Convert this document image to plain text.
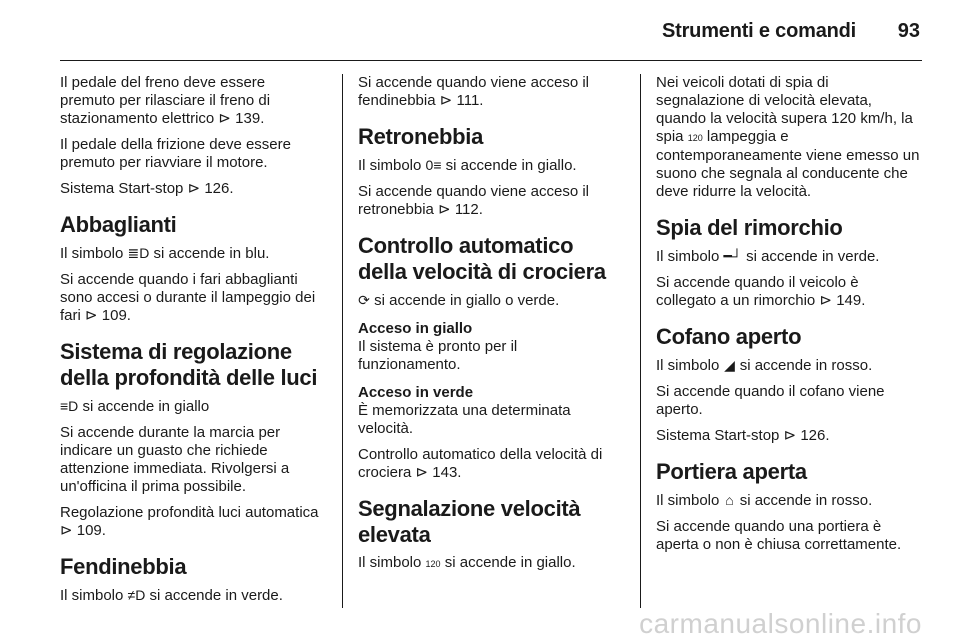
Strumenti e comandi 93

Il pedale del freno deve essere premuto per rilasciare il freno di stazionamento elettrico ⊳ 139.

Il pedale della frizione deve essere premuto per riavviare il motore.

Sistema Start-stop ⊳ 126.

Abbaglianti

Il simbolo ≣D si accende in blu.

Si accende quando i fari abbaglianti sono accesi o durante il lampeggio dei fari ⊳ 109.

Sistema di regolazione della profondità delle luci

≡D si accende in giallo

Si accende durante la marcia per indicare un guasto che richiede attenzione immediata. Rivolgersi a un'officina il prima possibile.

Regolazione profondità luci automatica ⊳ 109.

Fendinebbia

Il simbolo ≠D si accende in verde.

Si accende quando viene acceso il fendinebbia ⊳ 111.

Retronebbia

Il simbolo 0≡ si accende in giallo.

Si accende quando viene acceso il retronebbia ⊳ 112.

Controllo automatico della velocità di crociera

⟳ si accende in giallo o verde.

Acceso in giallo

Il sistema è pronto per il funzionamento.

Acceso in verde

È memorizzata una determinata velocità.

Controllo automatico della velocità di crociera ⊳ 143.

Segnalazione velocità elevata

Il simbolo 120 si accende in giallo.

Nei veicoli dotati di spia di segnalazione di velocità elevata, quando la velocità supera 120 km/h, la spia 120 lampeggia e contemporaneamente viene emesso un suono che segnala al conducente che deve ridurre la velocità.

Spia del rimorchio

Il simbolo ━┘ si accende in verde.

Si accende quando il veicolo è collegato a un rimorchio ⊳ 149.

Cofano aperto

Il simbolo ◢ si accende in rosso.

Si accende quando il cofano viene aperto.

Sistema Start-stop ⊳ 126.

Portiera aperta

Il simbolo ⌂ si accende in rosso.

Si accende quando una portiera è aperta o non è chiusa correttamente.

carmanualsonline.info
